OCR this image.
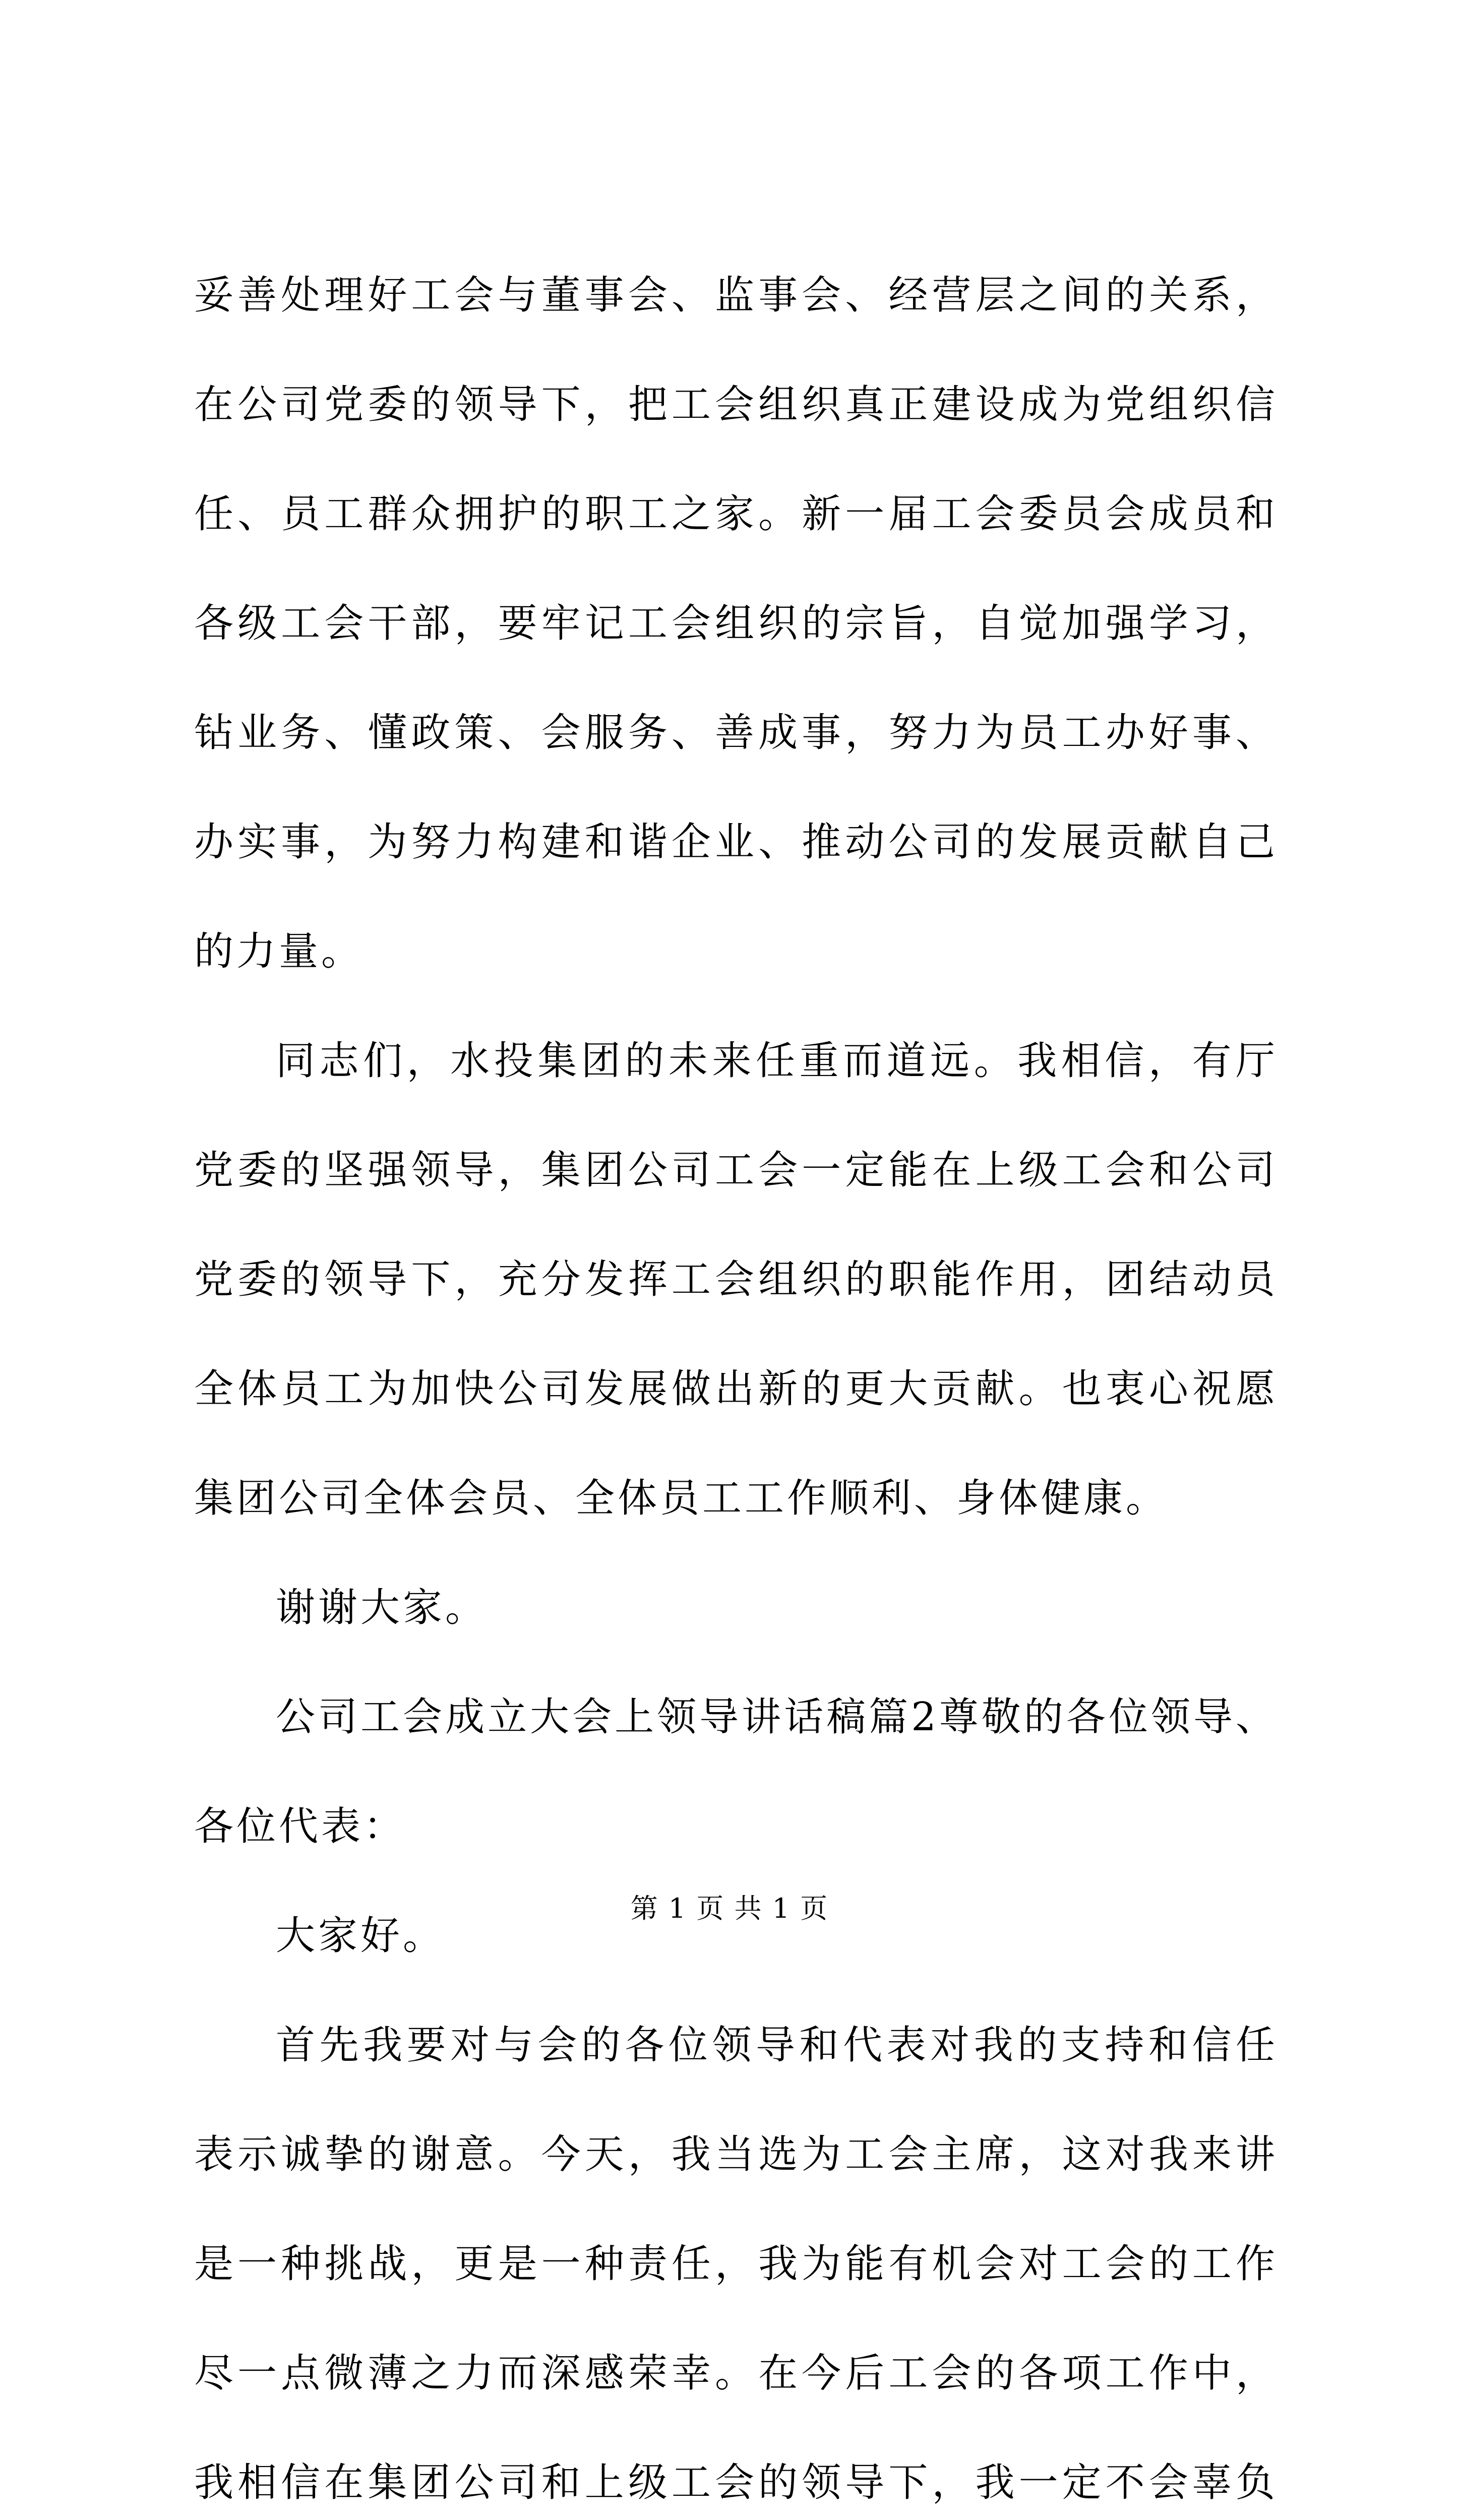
妥善处理好工会与董事会、监事会、经营层之间的关系，在公司党委的领导下，把工会组织真正建设成为党组织信任、员工群众拥护的职工之家。新一届工会委员会成员和各级工会干部，要牢记工会组织的宗旨，自觉加强学习，钻业务、懂政策、会服务、善成事，努力为员工办好事、办实事，为努力构建和谐企业、推动公司的发展贡献自己的力量。

同志们，水投集团的未来任重而道远。我相信，有厅党委的坚强领导，集团公司工会一定能在上级工会和公司党委的领导下，充分发挥工会组织的职能作用，团结动员全体员工为加快公司发展做出新的更大贡献。也衷心祝愿集团公司全体会员、全体员工工作顺利、身体健康。

谢谢大家。

公司工会成立大会上领导讲话稿篇2尊敬的各位领导、各位代表：

大家好。

首先我要对与会的各位领导和代表对我的支持和信任表示诚挚的谢意。今天，我当选为工会主席，这对我来讲是一种挑战，更是一种责任，我为能有机会对工会的工作尽一点微薄之力而深感荣幸。在今后工会的各项工作中，我相信在集团公司和上级工会的领导下，我一定不会辜负

第 1 页 共 1 页
